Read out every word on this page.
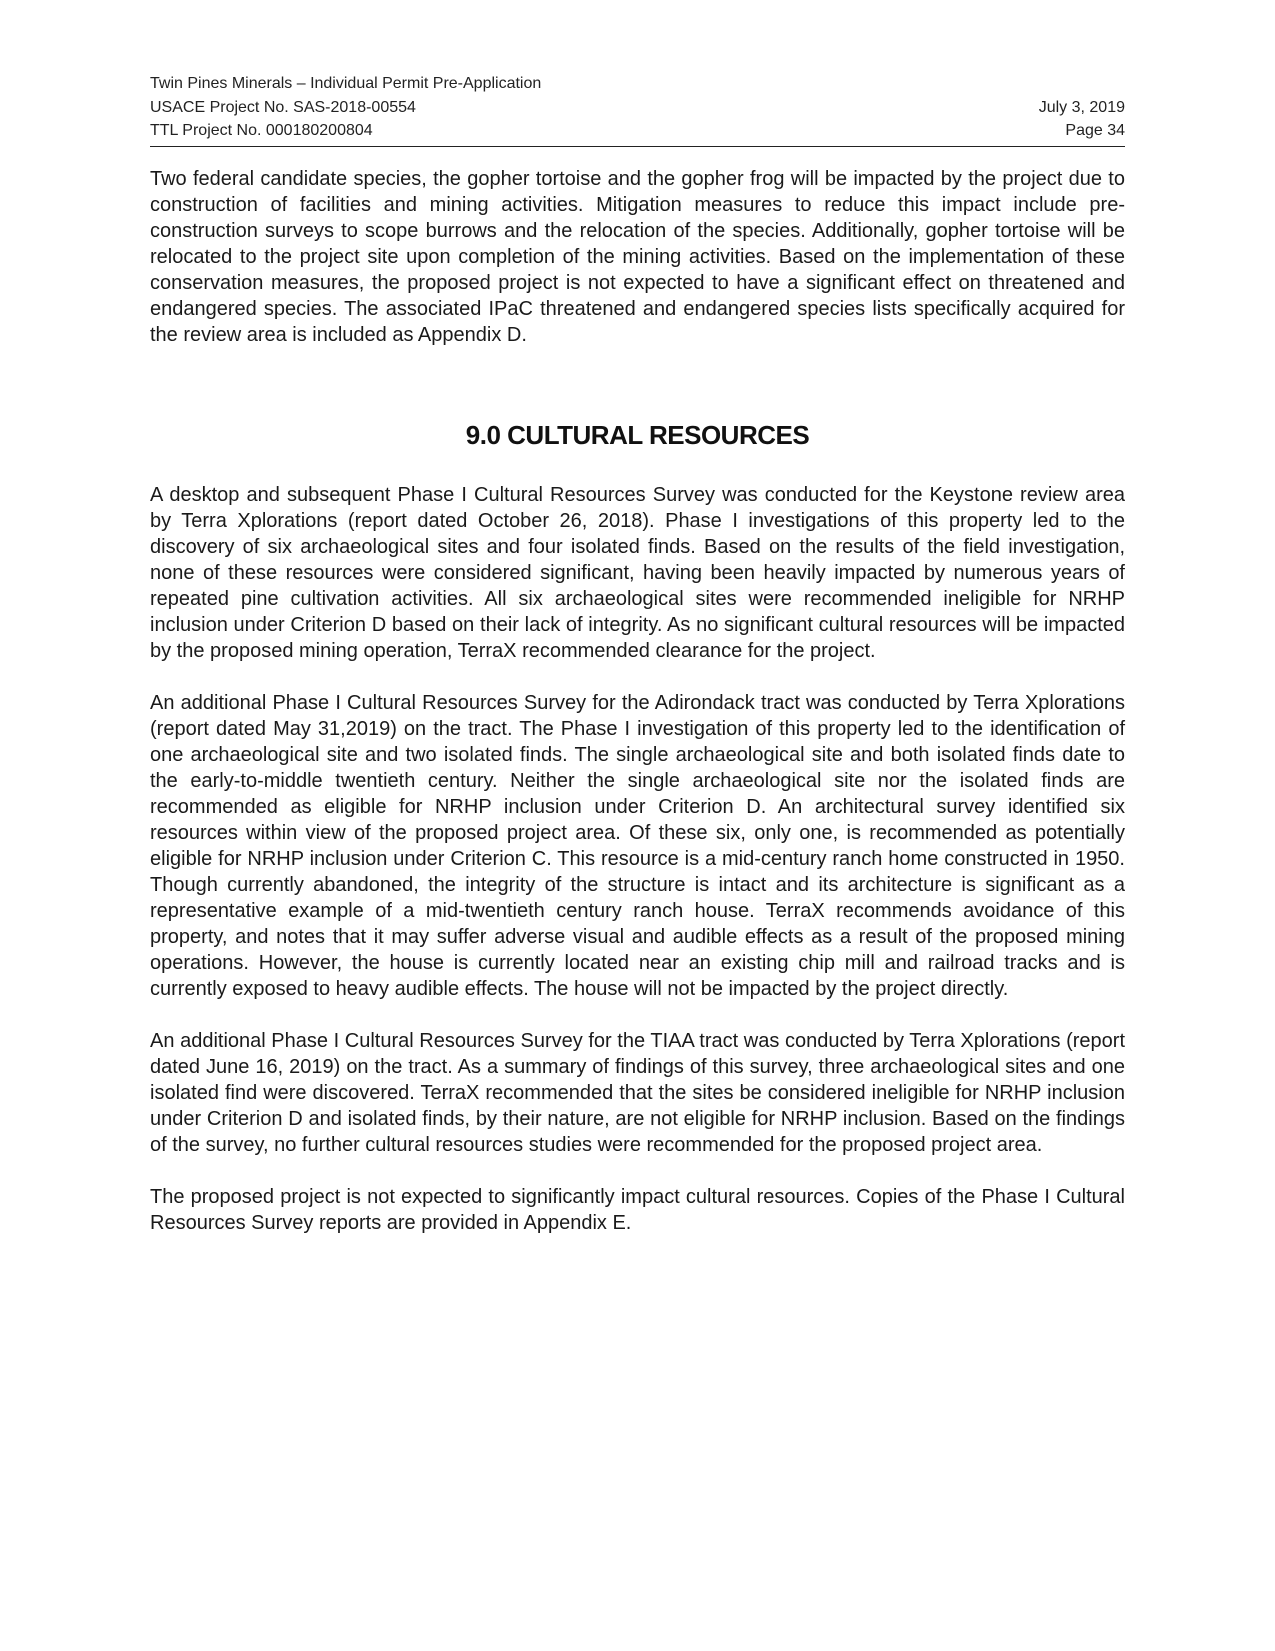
Twin Pines Minerals – Individual Permit Pre-Application
USACE Project No. SAS-2018-00554	July 3, 2019
TTL Project No. 000180200804	Page 34

Two federal candidate species, the gopher tortoise and the gopher frog will be impacted by the project due to construction of facilities and mining activities. Mitigation measures to reduce this impact include pre-construction surveys to scope burrows and the relocation of the species. Additionally, gopher tortoise will be relocated to the project site upon completion of the mining activities. Based on the implementation of these conservation measures, the proposed project is not expected to have a significant effect on threatened and endangered species. The associated IPaC threatened and endangered species lists specifically acquired for the review area is included as Appendix D.

9.0 CULTURAL RESOURCES

A desktop and subsequent Phase I Cultural Resources Survey was conducted for the Keystone review area by Terra Xplorations (report dated October 26, 2018). Phase I investigations of this property led to the discovery of six archaeological sites and four isolated finds. Based on the results of the field investigation, none of these resources were considered significant, having been heavily impacted by numerous years of repeated pine cultivation activities. All six archaeological sites were recommended ineligible for NRHP inclusion under Criterion D based on their lack of integrity. As no significant cultural resources will be impacted by the proposed mining operation, TerraX recommended clearance for the project.

An additional Phase I Cultural Resources Survey for the Adirondack tract was conducted by Terra Xplorations (report dated May 31,2019) on the tract. The Phase I investigation of this property led to the identification of one archaeological site and two isolated finds. The single archaeological site and both isolated finds date to the early-to-middle twentieth century. Neither the single archaeological site nor the isolated finds are recommended as eligible for NRHP inclusion under Criterion D. An architectural survey identified six resources within view of the proposed project area. Of these six, only one, is recommended as potentially eligible for NRHP inclusion under Criterion C. This resource is a mid-century ranch home constructed in 1950. Though currently abandoned, the integrity of the structure is intact and its architecture is significant as a representative example of a mid-twentieth century ranch house. TerraX recommends avoidance of this property, and notes that it may suffer adverse visual and audible effects as a result of the proposed mining operations. However, the house is currently located near an existing chip mill and railroad tracks and is currently exposed to heavy audible effects. The house will not be impacted by the project directly.

An additional Phase I Cultural Resources Survey for the TIAA tract was conducted by Terra Xplorations (report dated June 16, 2019) on the tract. As a summary of findings of this survey, three archaeological sites and one isolated find were discovered. TerraX recommended that the sites be considered ineligible for NRHP inclusion under Criterion D and isolated finds, by their nature, are not eligible for NRHP inclusion. Based on the findings of the survey, no further cultural resources studies were recommended for the proposed project area.

The proposed project is not expected to significantly impact cultural resources. Copies of the Phase I Cultural Resources Survey reports are provided in Appendix E.
